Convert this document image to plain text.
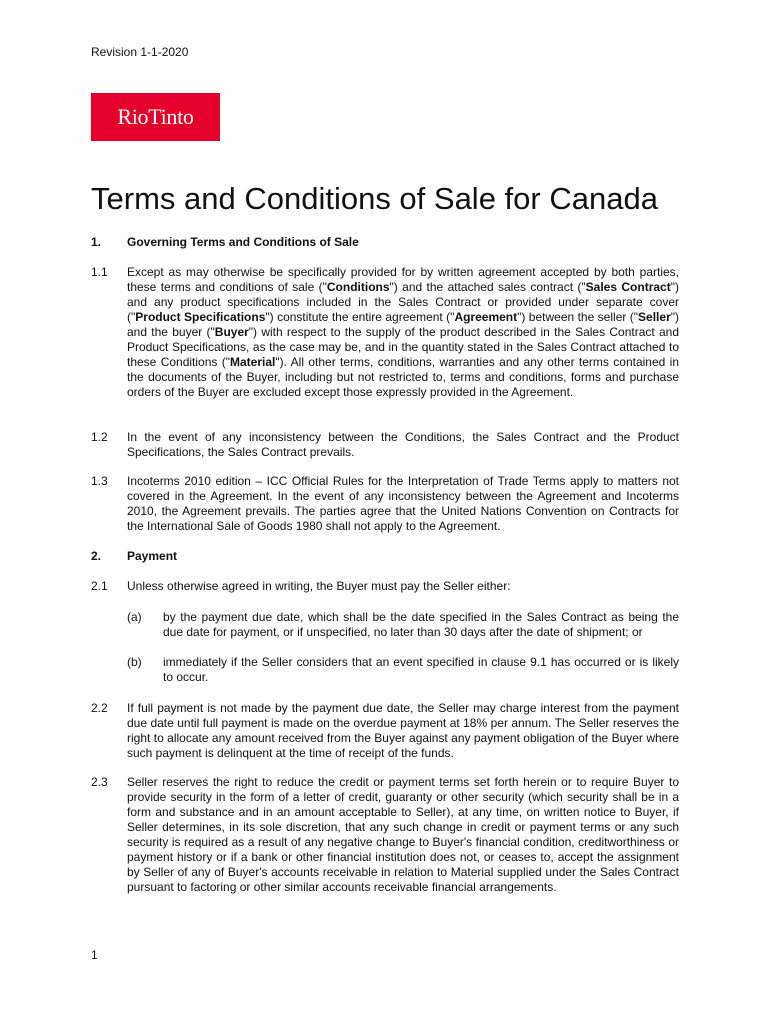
Revision 1-1-2020
RioTinto
Terms and Conditions of Sale for Canada
1. Governing Terms and Conditions of Sale
1.1 Except as may otherwise be specifically provided for by written agreement accepted by both parties, these terms and conditions of sale ("Conditions") and the attached sales contract ("Sales Contract") and any product specifications included in the Sales Contract or provided under separate cover ("Product Specifications") constitute the entire agreement ("Agreement") between the seller ("Seller") and the buyer ("Buyer") with respect to the supply of the product described in the Sales Contract and Product Specifications, as the case may be, and in the quantity stated in the Sales Contract attached to these Conditions ("Material"). All other terms, conditions, warranties and any other terms contained in the documents of the Buyer, including but not restricted to, terms and conditions, forms and purchase orders of the Buyer are excluded except those expressly provided in the Agreement.
1.2 In the event of any inconsistency between the Conditions, the Sales Contract and the Product Specifications, the Sales Contract prevails.
1.3 Incoterms 2010 edition – ICC Official Rules for the Interpretation of Trade Terms apply to matters not covered in the Agreement. In the event of any inconsistency between the Agreement and Incoterms 2010, the Agreement prevails. The parties agree that the United Nations Convention on Contracts for the International Sale of Goods 1980 shall not apply to the Agreement.
2. Payment
2.1 Unless otherwise agreed in writing, the Buyer must pay the Seller either:
(a) by the payment due date, which shall be the date specified in the Sales Contract as being the due date for payment, or if unspecified, no later than 30 days after the date of shipment; or
(b) immediately if the Seller considers that an event specified in clause 9.1 has occurred or is likely to occur.
2.2 If full payment is not made by the payment due date, the Seller may charge interest from the payment due date until full payment is made on the overdue payment at 18% per annum. The Seller reserves the right to allocate any amount received from the Buyer against any payment obligation of the Buyer where such payment is delinquent at the time of receipt of the funds.
2.3 Seller reserves the right to reduce the credit or payment terms set forth herein or to require Buyer to provide security in the form of a letter of credit, guaranty or other security (which security shall be in a form and substance and in an amount acceptable to Seller), at any time, on written notice to Buyer, if Seller determines, in its sole discretion, that any such change in credit or payment terms or any such security is required as a result of any negative change to Buyer's financial condition, creditworthiness or payment history or if a bank or other financial institution does not, or ceases to, accept the assignment by Seller of any of Buyer's accounts receivable in relation to Material supplied under the Sales Contract pursuant to factoring or other similar accounts receivable financial arrangements.
1
